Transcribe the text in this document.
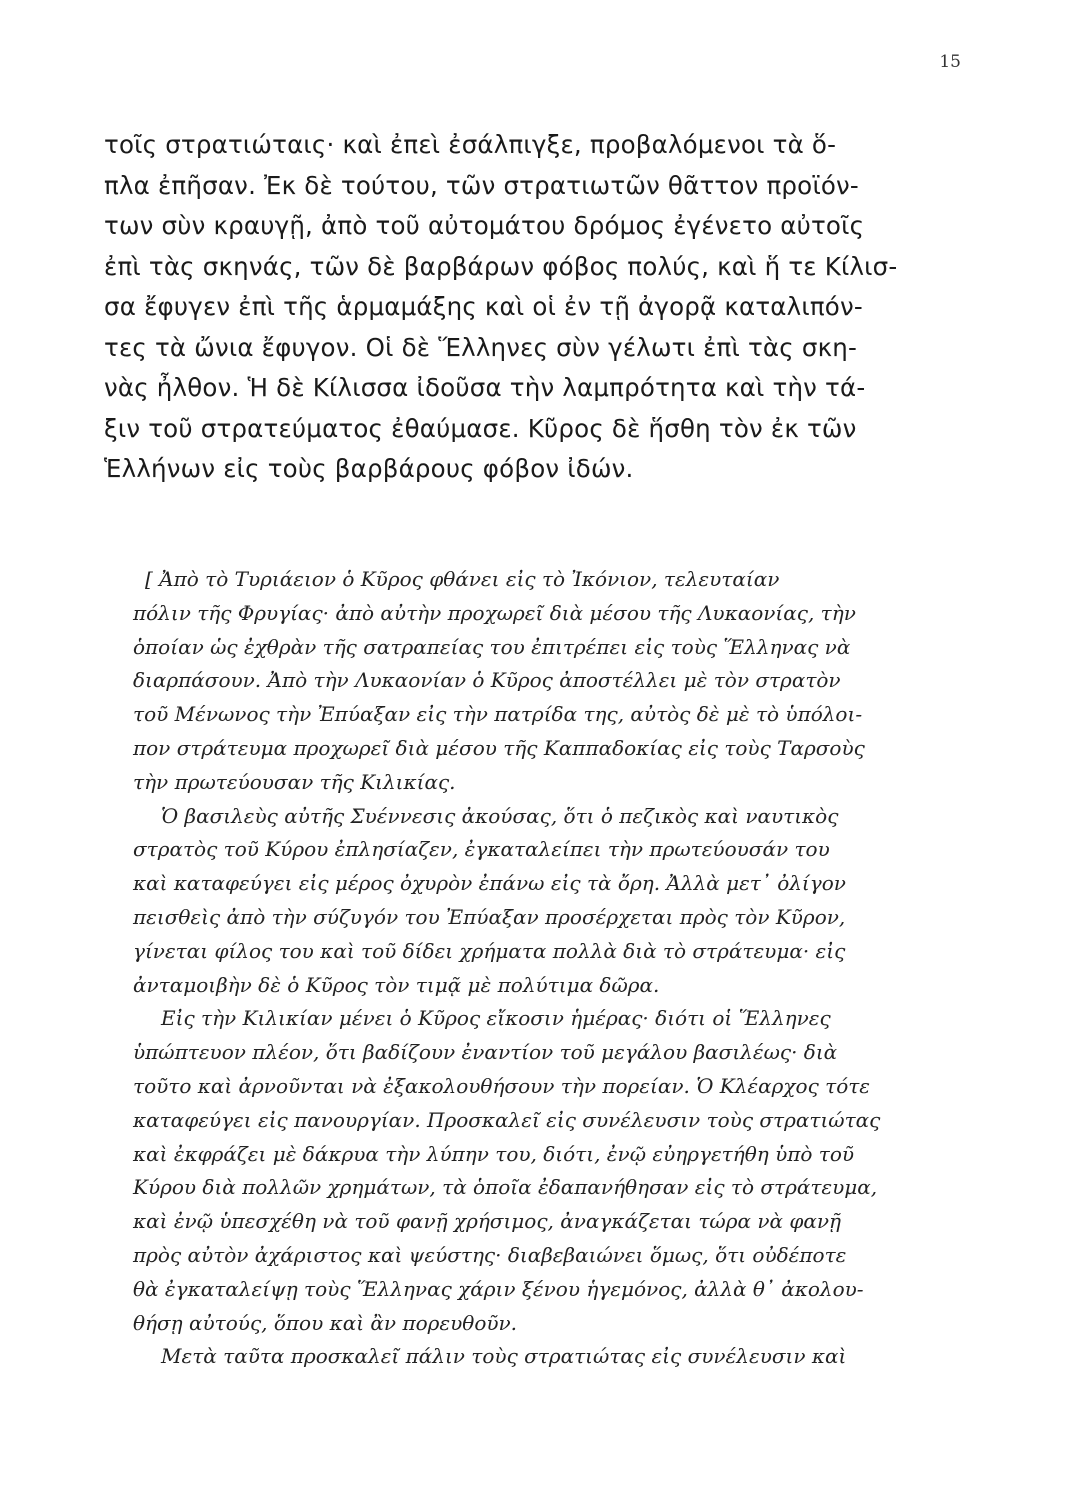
15
τοῖς στρατιώταις· καὶ ἐπεὶ ἐσάλπιγξε, προβαλόμενοι τὰ ὅ-
πλα ἐπῆσαν. Ἐκ δὲ τούτου, τῶν στρατιωτῶν θᾶττον προϊόν-
των σὺν κραυγῇ, ἀπὸ τοῦ αὐτομάτου δρόμος ἐγένετο αὐτοῖς
ἐπὶ τὰς σκηνάς, τῶν δὲ βαρβάρων φόβος πολύς, καὶ ἥ τε Κίλισ-
σα ἔφυγεν ἐπὶ τῆς ἁρμαμάξης καὶ οἱ ἐν τῇ ἀγορᾷ καταλιπόν-
τες τὰ ὤνια ἔφυγον. Οἱ δὲ Ἕλληνες σὺν γέλωτι ἐπὶ τὰς σκη-
νὰς ἦλθον. Ἡ δὲ Κίλισσα ἰδοῦσα τὴν λαμπρότητα καὶ τὴν τά-
ξιν τοῦ στρατεύματος ἐθαύμασε. Κῦρος δὲ ἥσθη τὸν ἐκ τῶν
Ἑλλήνων εἰς τοὺς βαρβάρους φόβον ἰδών.
[ Ἀπὸ τὸ Τυριάειον ὁ Κῦρος φθάνει εἰς τὸ Ἰκόνιον, τελευταίαν
πόλιν τῆς Φρυγίας· ἀπὸ αὐτὴν προχωρεῖ διὰ μέσου τῆς Λυκαονίας, τὴν
ὁποίαν ὡς ἐχθρὰν τῆς σατραπείας του ἐπιτρέπει εἰς τοὺς Ἕλληνας νὰ
διαρπάσουν. Ἀπὸ τὴν Λυκαονίαν ὁ Κῦρος ἀποστέλλει μὲ τὸν στρατὸν
τοῦ Μένωνος τὴν Ἐπύαξαν εἰς τὴν πατρίδα της, αὐτὸς δὲ μὲ τὸ ὑπόλοι-
πον στράτευμα προχωρεῖ διὰ μέσου τῆς Καππαδοκίας εἰς τοὺς Ταρσοὺς
τὴν πρωτεύουσαν τῆς Κιλικίας.
Ὁ βασιλεὺς αὐτῆς Συέννεσις ἀκούσας, ὅτι ὁ πεζικὸς καὶ ναυτικὸς
στρατὸς τοῦ Κύρου ἐπλησίαζεν, ἐγκαταλείπει τὴν πρωτεύουσάν του
καὶ καταφεύγει εἰς μέρος ὀχυρὸν ἐπάνω εἰς τὰ ὄρη. Ἀλλὰ μετ᾽ ὀλίγον
πεισθεὶς ἀπὸ τὴν σύζυγόν του Ἐπύαξαν προσέρχεται πρὸς τὸν Κῦρον,
γίνεται φίλος του καὶ τοῦ δίδει χρήματα πολλὰ διὰ τὸ στράτευμα· εἰς
ἀνταμοιβὴν δὲ ὁ Κῦρος τὸν τιμᾷ μὲ πολύτιμα δῶρα.
Εἰς τὴν Κιλικίαν μένει ὁ Κῦρος εἴκοσιν ἡμέρας· διότι οἱ Ἕλληνες
ὑπώπτευον πλέον, ὅτι βαδίζουν ἐναντίον τοῦ μεγάλου βασιλέως· διὰ
τοῦτο καὶ ἀρνοῦνται νὰ ἐξακολουθήσουν τὴν πορείαν. Ὁ Κλέαρχος τότε
καταφεύγει εἰς πανουργίαν. Προσκαλεῖ εἰς συνέλευσιν τοὺς στρατιώτας
καὶ ἐκφράζει μὲ δάκρυα τὴν λύπην του, διότι, ἐνῷ εὐηργετήθη ὑπὸ τοῦ
Κύρου διὰ πολλῶν χρημάτων, τὰ ὁποῖα ἐδαπανήθησαν εἰς τὸ στράτευμα,
καὶ ἐνῷ ὑπεσχέθη νὰ τοῦ φανῇ χρήσιμος, ἀναγκάζεται τώρα νὰ φανῇ
πρὸς αὐτὸν ἀχάριστος καὶ ψεύστης· διαβεβαιώνει ὅμως, ὅτι οὐδέποτε
θὰ ἐγκαταλείψῃ τοὺς Ἕλληνας χάριν ξένου ἡγεμόνος, ἀλλὰ θ᾽ ἀκολου-
θήσῃ αὐτούς, ὅπου καὶ ἂν πορευθοῦν.
Μετὰ ταῦτα προσκαλεῖ πάλιν τοὺς στρατιώτας εἰς συνέλευσιν καὶ
